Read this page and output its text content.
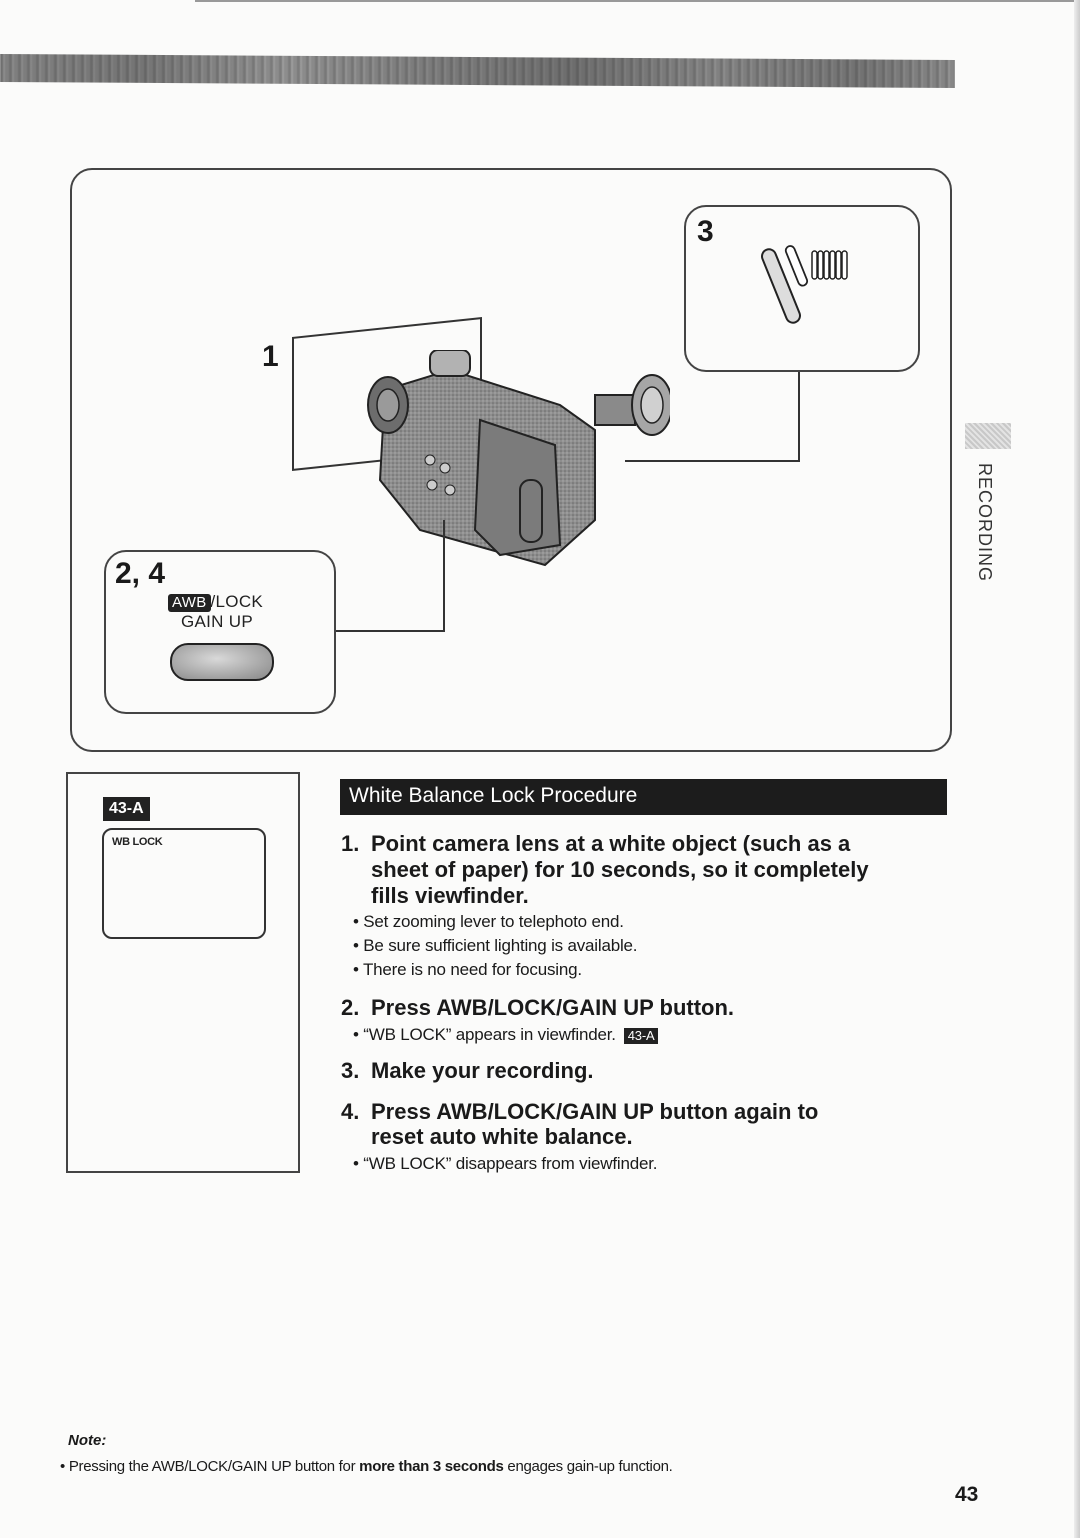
1
3
2, 4
AWB /LOCK
GAIN UP
RECORDING
43-A
WB LOCK
White Balance Lock Procedure
1. Point camera lens at a white object (such as a
sheet of paper) for 10 seconds, so it completely
fills viewfinder.
• Set zooming lever to telephoto end.
• Be sure sufficient lighting is available.
• There is no need for focusing.
2. Press AWB/LOCK/GAIN UP button.
• “WB LOCK” appears in viewfinder. 43-A
3. Make your recording.
4. Press AWB/LOCK/GAIN UP button again to
reset auto white balance.
• “WB LOCK” disappears from viewfinder.
Note:
• Pressing the AWB/LOCK/GAIN UP button for more than 3 seconds engages gain-up function.
43
